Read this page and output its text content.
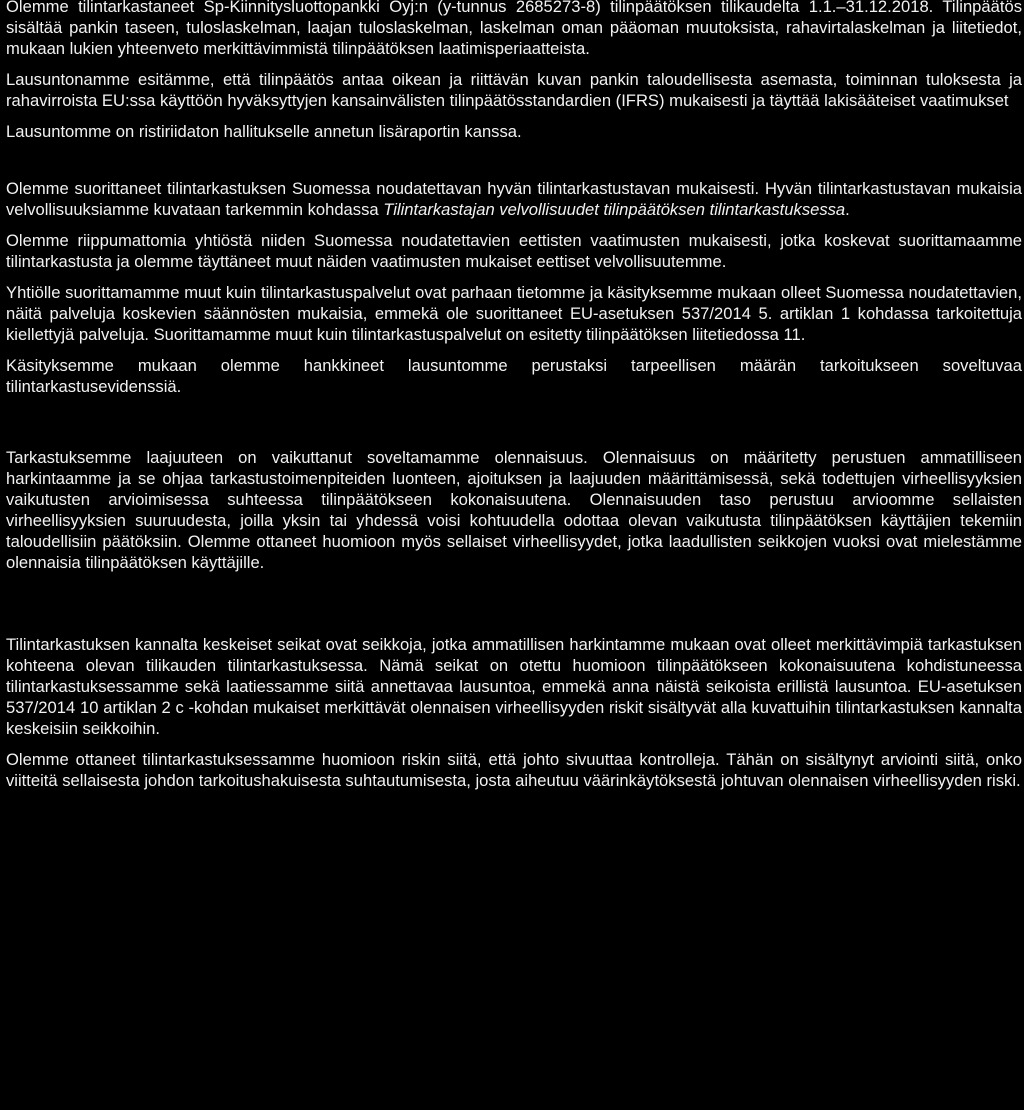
Olemme tilintarkastaneet Sp-Kiinnitysluottopankki Oyj:n (y-tunnus 2685273-8) tilinpäätöksen tilikaudelta 1.1.–31.12.2018. Tilinpäätös sisältää pankin taseen, tuloslaskelman, laajan tuloslaskelman, laskelman oman pääoman muutoksista, rahavirtalaskelman ja liitetiedot, mukaan lukien yhteenveto merkittävimmistä tilinpäätöksen laatimisperiaatteista.

Lausuntonamme esitämme, että tilinpäätös antaa oikean ja riittävän kuvan pankin taloudellisesta asemasta, toiminnan tuloksesta ja rahavirroista EU:ssa käyttöön hyväksyttyjen kansainvälisten tilinpäätösstandardien (IFRS) mukaisesti ja täyttää lakisääteiset vaatimukset

Lausuntomme on ristiriidaton hallitukselle annetun lisäraportin kanssa.

Olemme suorittaneet tilintarkastuksen Suomessa noudatettavan hyvän tilintarkastustavan mukaisesti. Hyvän tilintarkastustavan mukaisia velvollisuuksiamme kuvataan tarkemmin kohdassa Tilintarkastajan velvollisuudet tilinpäätöksen tilintarkastuksessa.

Olemme riippumattomia yhtiöstä niiden Suomessa noudatettavien eettisten vaatimusten mukaisesti, jotka koskevat suorittamaamme tilintarkastusta ja olemme täyttäneet muut näiden vaatimusten mukaiset eettiset velvollisuutemme.

Yhtiölle suorittamamme muut kuin tilintarkastuspalvelut ovat parhaan tietomme ja käsityksemme mukaan olleet Suomessa noudatettavien, näitä palveluja koskevien säännösten mukaisia, emmekä ole suorittaneet EU-asetuksen 537/2014 5. artiklan 1 kohdassa tarkoitettuja kiellettyjä palveluja. Suorittamamme muut kuin tilintarkastuspalvelut on esitetty tilinpäätöksen liitetiedossa 11.

Käsityksemme mukaan olemme hankkineet lausuntomme perustaksi tarpeellisen määrän tarkoitukseen soveltuvaa tilintarkastusevidenssiä.

Tarkastuksemme laajuuteen on vaikuttanut soveltamamme olennaisuus. Olennaisuus on määritetty perustuen ammatilliseen harkintaamme ja se ohjaa tarkastustoimenpiteiden luonteen, ajoituksen ja laajuuden määrittämisessä, sekä todettujen virheellisyyksien vaikutusten arvioimisessa suhteessa tilinpäätökseen kokonaisuutena. Olennaisuuden taso perustuu arvioomme sellaisten virheellisyyksien suuruudesta, joilla yksin tai yhdessä voisi kohtuudella odottaa olevan vaikutusta tilinpäätöksen käyttäjien tekemiin taloudellisiin päätöksiin. Olemme ottaneet huomioon myös sellaiset virheellisyydet, jotka laadullisten seikkojen vuoksi ovat mielestämme olennaisia tilinpäätöksen käyttäjille.

Tilintarkastuksen kannalta keskeiset seikat ovat seikkoja, jotka ammatillisen harkintamme mukaan ovat olleet merkittävimpiä tarkastuksen kohteena olevan tilikauden tilintarkastuksessa. Nämä seikat on otettu huomioon tilinpäätökseen kokonaisuutena kohdistuneessa tilintarkastuksessamme sekä laatiessamme siitä annettavaa lausuntoa, emmekä anna näistä seikoista erillistä lausuntoa. EU-asetuksen 537/2014 10 artiklan 2 c -kohdan mukaiset merkittävät olennaisen virheellisyyden riskit sisältyvät alla kuvattuihin tilintarkastuksen kannalta keskeisiin seikkoihin.

Olemme ottaneet tilintarkastuksessamme huomioon riskin siitä, että johto sivuuttaa kontrolleja. Tähän on sisältynyt arviointi siitä, onko viitteitä sellaisesta johdon tarkoitushakuisesta suhtautumisesta, josta aiheutuu väärinkäytöksestä johtuvan olennaisen virheellisyyden riski.
